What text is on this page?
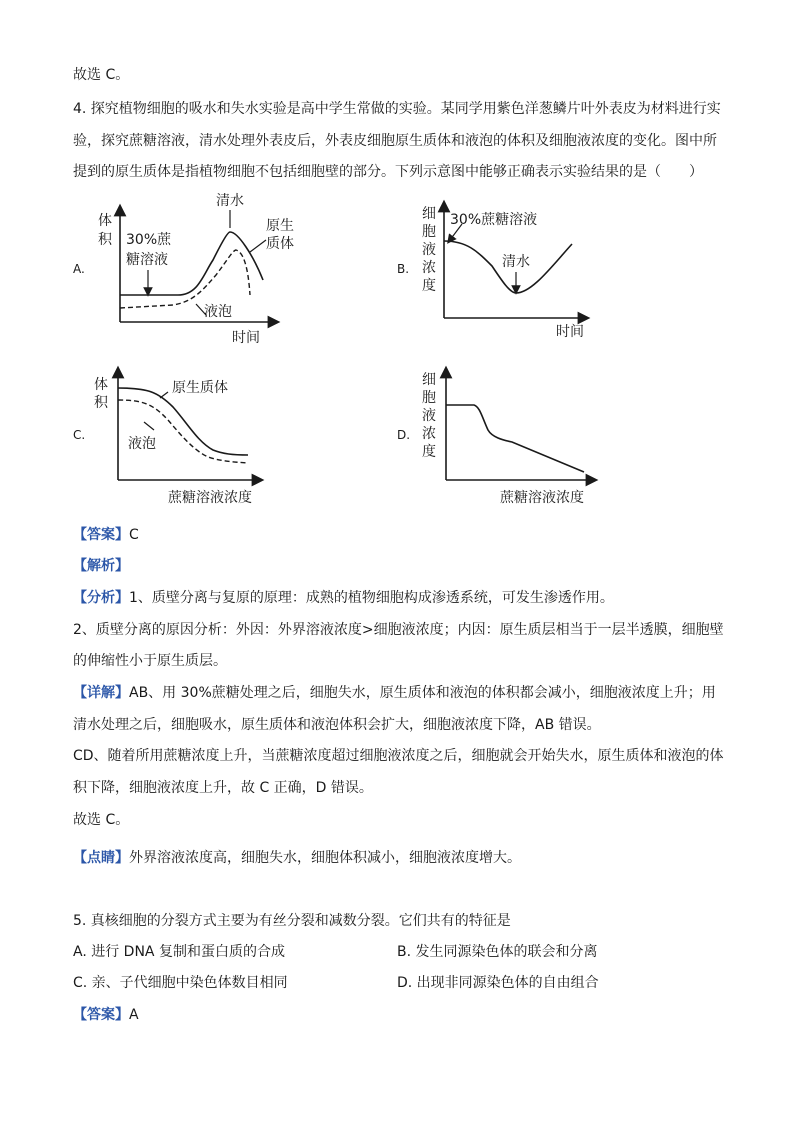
故选 C。
4. 探究植物细胞的吸水和失水实验是高中学生常做的实验。某同学用紫色洋葱鳞片叶外表皮为材料进行实
验，探究蔗糖溶液，清水处理外表皮后，外表皮细胞原生质体和液泡的体积及细胞液浓度的变化。图中所
提到的原生质体是指植物细胞不包括细胞壁的部分。下列示意图中能够正确表示实验结果的是（　　）
A.
体
积
清水
30%蔗
糖溶液
原生
质体
液泡
时间
B.
细
胞
液
浓
度
30%蔗糖溶液
清水
时间
C.
体
积
原生质体
液泡
蔗糖溶液浓度
D.
细
胞
液
浓
度
蔗糖溶液浓度
【答案】C
【解析】
【分析】1、质壁分离与复原的原理：成熟的植物细胞构成渗透系统，可发生渗透作用。
2、质壁分离的原因分析：外因：外界溶液浓度>细胞液浓度；内因：原生质层相当于一层半透膜，细胞壁
的伸缩性小于原生质层。
【详解】AB、用 30%蔗糖处理之后，细胞失水，原生质体和液泡的体积都会减小，细胞液浓度上升；用
清水处理之后，细胞吸水，原生质体和液泡体积会扩大，细胞液浓度下降，AB 错误。
CD、随着所用蔗糖浓度上升，当蔗糖浓度超过细胞液浓度之后，细胞就会开始失水，原生质体和液泡的体
积下降，细胞液浓度上升，故 C 正确，D 错误。
故选 C。
【点睛】外界溶液浓度高，细胞失水，细胞体积减小，细胞液浓度增大。
5. 真核细胞的分裂方式主要为有丝分裂和减数分裂。它们共有的特征是
A. 进行 DNA 复制和蛋白质的合成	B. 发生同源染色体的联会和分离
C. 亲、子代细胞中染色体数目相同	D. 出现非同源染色体的自由组合
【答案】A
